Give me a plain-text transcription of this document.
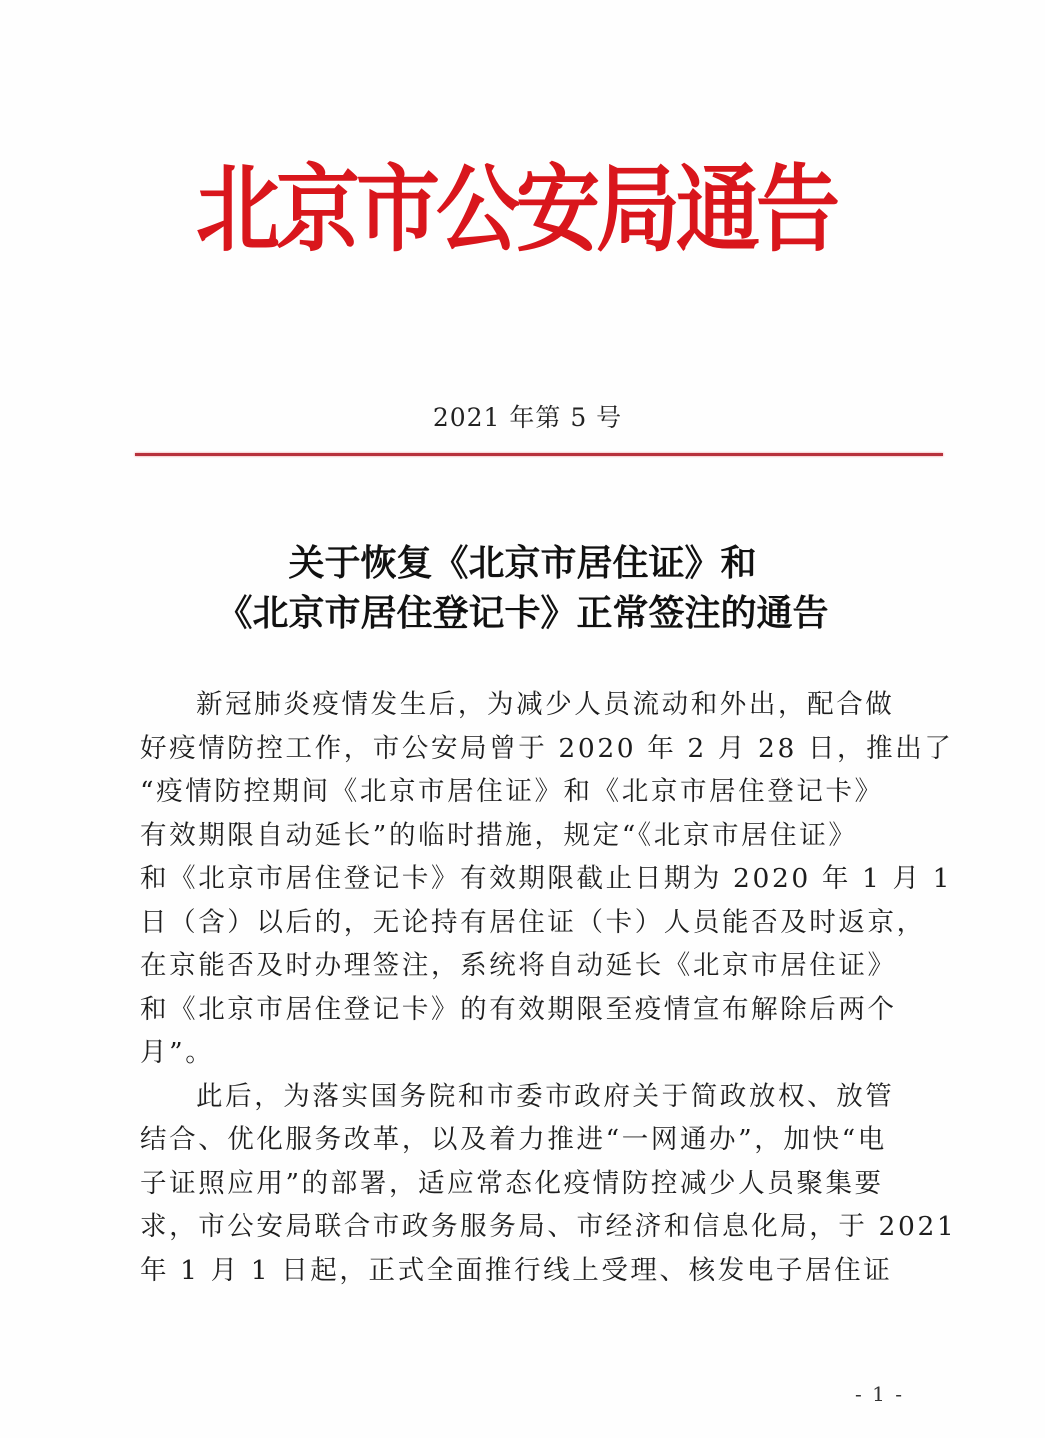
北京市公安局通告
2021 年第 5 号
关于恢复《北京市居住证》和
《北京市居住登记卡》正常签注的通告
新冠肺炎疫情发生后，为减少人员流动和外出，配合做
好疫情防控工作，市公安局曾于 2020 年 2 月 28 日，推出了
“疫情防控期间《北京市居住证》和《北京市居住登记卡》
有效期限自动延长”的临时措施，规定“《北京市居住证》
和《北京市居住登记卡》有效期限截止日期为 2020 年 1 月 1
日（含）以后的，无论持有居住证（卡）人员能否及时返京，
在京能否及时办理签注，系统将自动延长《北京市居住证》
和《北京市居住登记卡》的有效期限至疫情宣布解除后两个
月”。
此后，为落实国务院和市委市政府关于简政放权、放管
结合、优化服务改革，以及着力推进“一网通办”，加快“电
子证照应用”的部署，适应常态化疫情防控减少人员聚集要
求，市公安局联合市政务服务局、市经济和信息化局，于 2021
年 1 月 1 日起，正式全面推行线上受理、核发电子居住证
- 1 -
